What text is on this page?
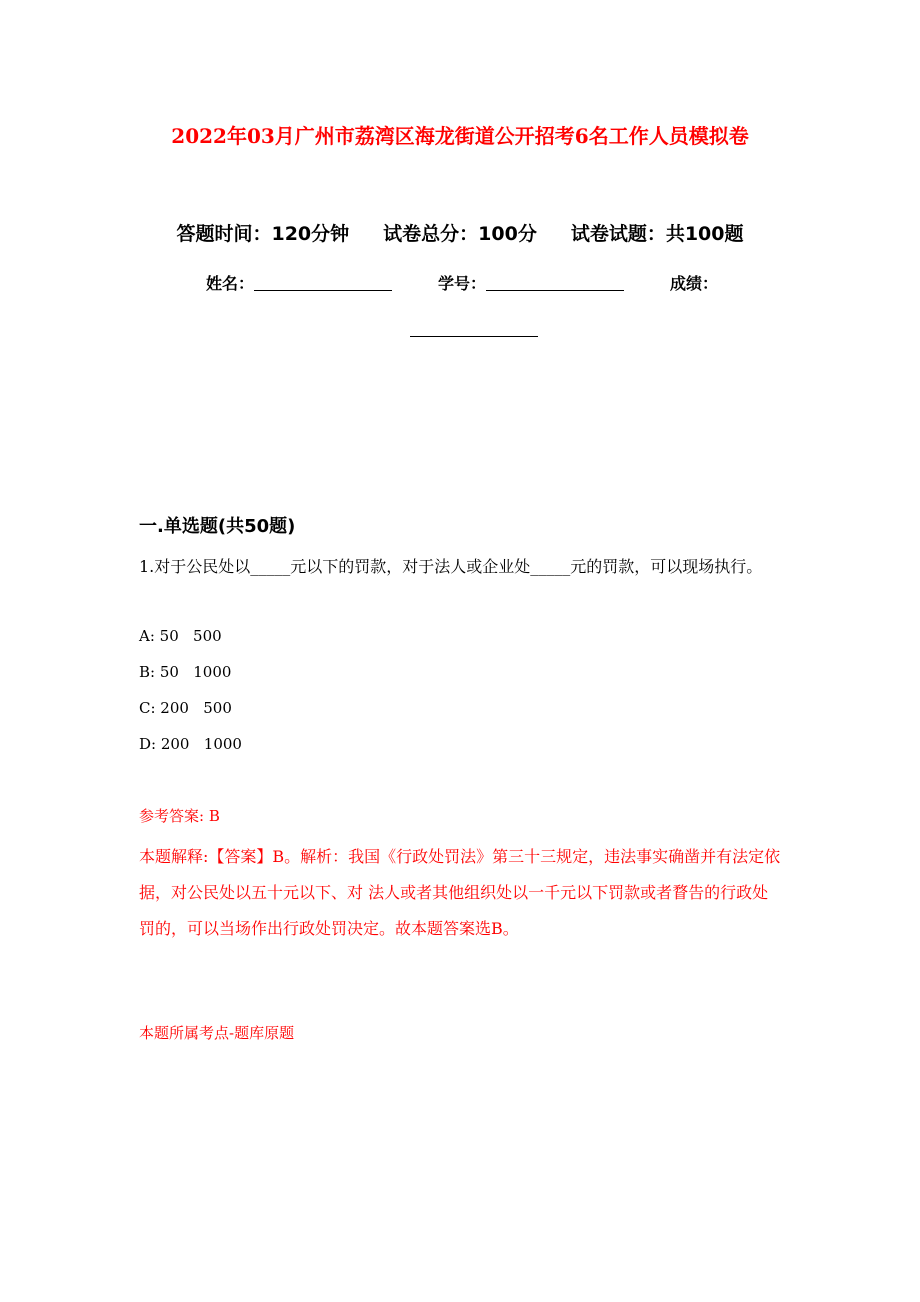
2022年03月广州市荔湾区海龙街道公开招考6名工作人员模拟卷
答题时间：120分钟 试卷总分：100分 试卷试题：共100题
姓名：	学号：	成绩：
一.单选题(共50题)
1.对于公民处以_____元以下的罚款，对于法人或企业处_____元的罚款，可以现场执行。
A: 50   500
B: 50   1000
C: 200   500
D: 200   1000
参考答案: B
本题解释:【答案】B。解析：我国《行政处罚法》第三十三规定，违法事实确凿并有法定依据，对公民处以五十元以下、对 法人或者其他组织处以一千元以下罚款或者瞀告的行政处罚的，可以当场作出行政处罚决定。故本题答案选B。
本题所属考点-题库原题
